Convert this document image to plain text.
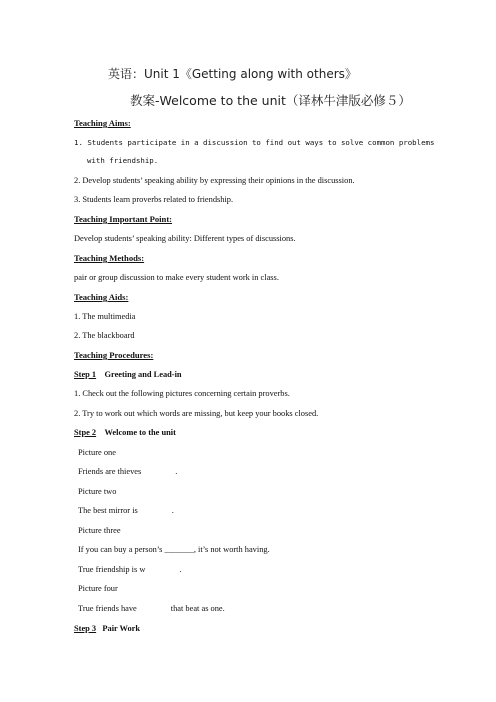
英语：Unit 1《Getting along with others》
教案-Welcome to the unit（译林牛津版必修５）
Teaching Aims:
1. Students participate in a discussion to find out ways to solve common problems
with friendship.
2. Develop students’ speaking ability by expressing their opinions in the discussion.
3. Students learn proverbs related to friendship.
Teaching Important Point:
Develop students’ speaking ability: Different types of discussions.
Teaching Methods:
pair or group discussion to make every student work in class.
Teaching Aids:
1. The multimedia
2. The blackboard
Teaching Procedures:
Step 1 Greeting and Lead-in
1. Check out the following pictures concerning certain proverbs.
2. Try to work out which words are missing, but keep your books closed.
Stpe 2 Welcome to the unit
Picture one
Friends are thieves	.
Picture two
The best mirror is	.
Picture three
If you can buy a person’s _______, it’s not worth having.
True friendship is w	.
Picture four
True friends have	that beat as one.
Step 3 Pair Work
